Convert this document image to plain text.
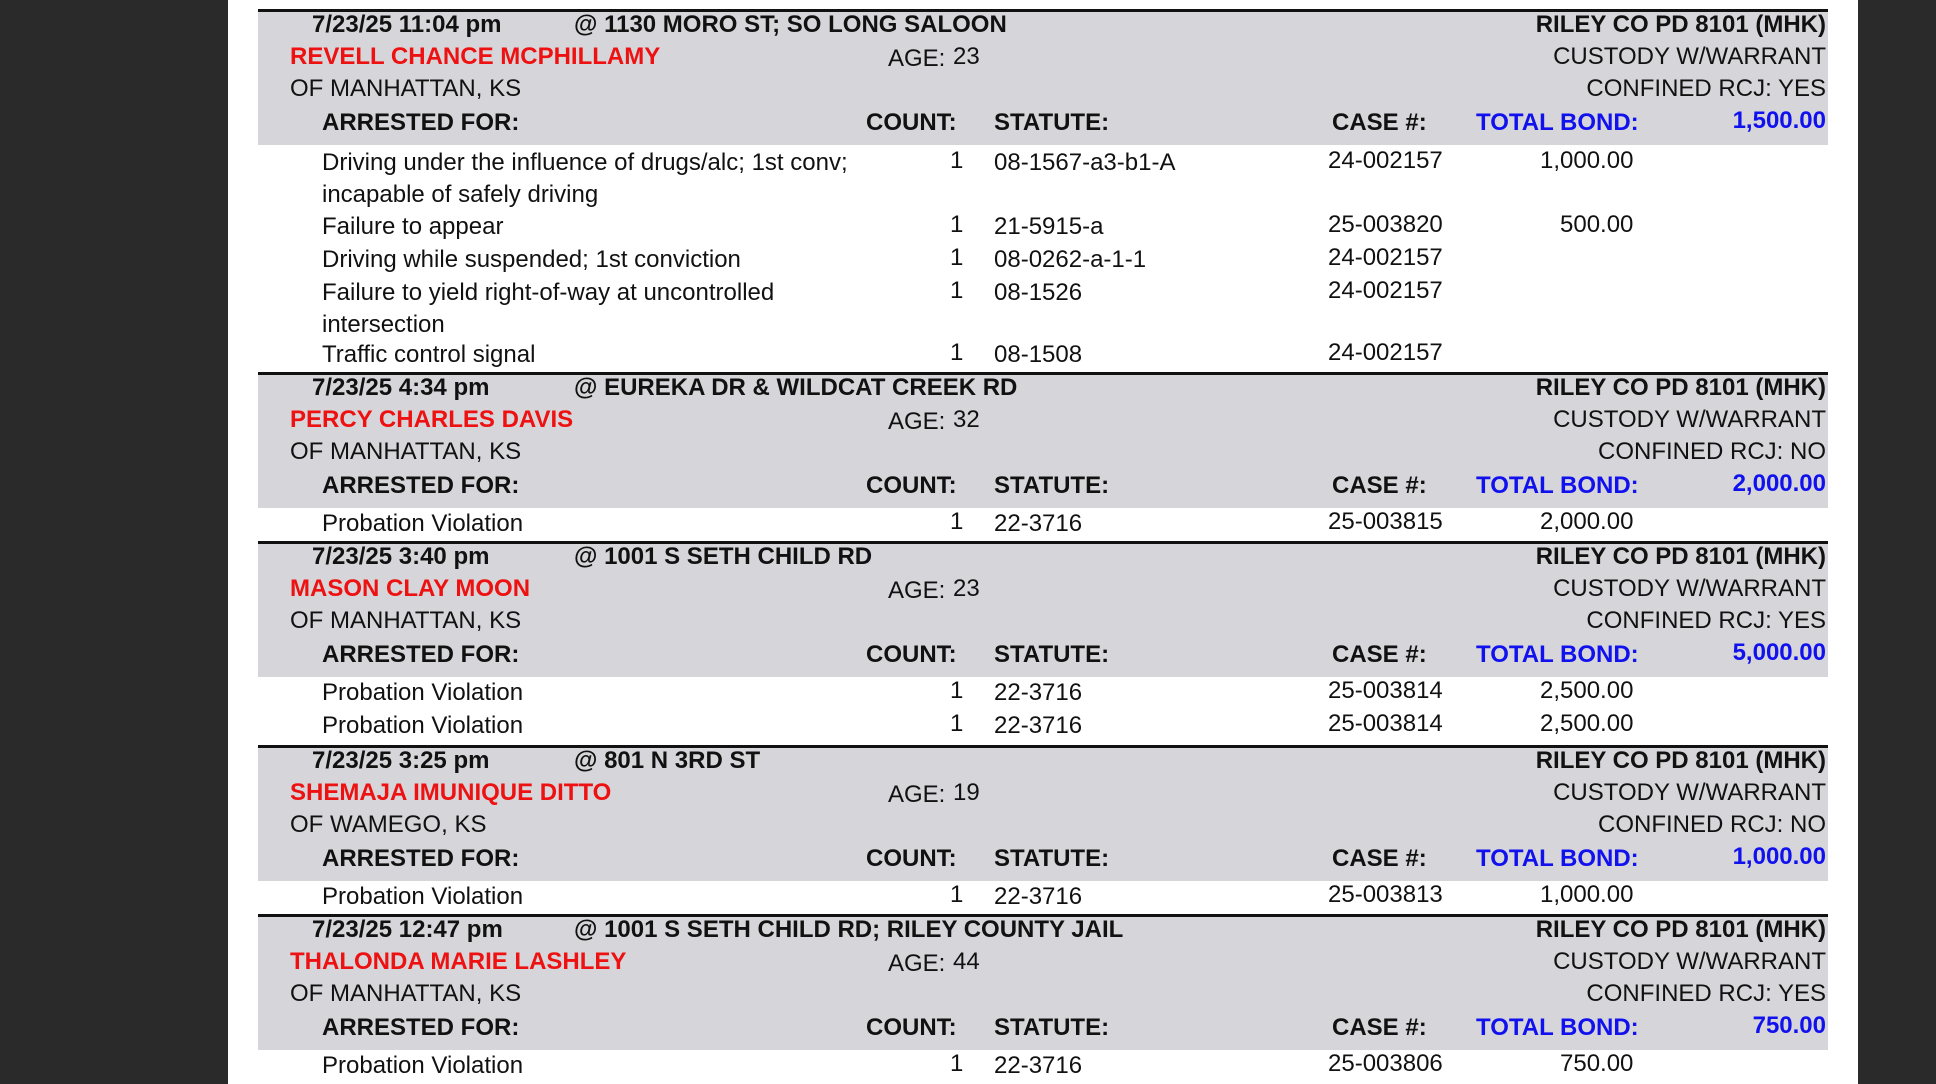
7/23/25 11:04 pm	@ 1130 MORO ST; SO LONG SALOON	RILEY CO PD 8101 (MHK)
REVELL CHANCE MCPHILLAMY	AGE: 23	CUSTODY W/WARRANT
OF MANHATTAN, KS	CONFINED RCJ: YES
ARRESTED FOR:	COUNT: STATUTE:	CASE #: TOTAL BOND:	1,500.00
Driving under the influence of drugs/alc; 1st conv; incapable of safely driving
1 08-1567-a3-b1-A	24-002157	1,000.00
Failure to appear	1 21-5915-a	25-003820	500.00
Driving while suspended; 1st conviction	1 08-0262-a-1-1	24-002157
Failure to yield right-of-way at uncontrolled intersection
1 08-1526	24-002157
Traffic control signal	1 08-1508	24-002157
7/23/25 4:34 pm	@ EUREKA DR & WILDCAT CREEK RD	RILEY CO PD 8101 (MHK)
PERCY CHARLES DAVIS	AGE: 32	CUSTODY W/WARRANT
OF MANHATTAN, KS	CONFINED RCJ: NO
ARRESTED FOR:	COUNT: STATUTE:	CASE #: TOTAL BOND:	2,000.00
Probation Violation	1 22-3716	25-003815	2,000.00
7/23/25 3:40 pm	@ 1001 S SETH CHILD RD	RILEY CO PD 8101 (MHK)
MASON CLAY MOON	AGE: 23	CUSTODY W/WARRANT
OF MANHATTAN, KS	CONFINED RCJ: YES
ARRESTED FOR:	COUNT: STATUTE:	CASE #: TOTAL BOND:	5,000.00
Probation Violation	1 22-3716	25-003814	2,500.00
Probation Violation	1 22-3716	25-003814	2,500.00
7/23/25 3:25 pm	@ 801 N 3RD ST	RILEY CO PD 8101 (MHK)
SHEMAJA IMUNIQUE DITTO	AGE: 19	CUSTODY W/WARRANT
OF WAMEGO, KS	CONFINED RCJ: NO
ARRESTED FOR:	COUNT: STATUTE:	CASE #: TOTAL BOND:	1,000.00
Probation Violation	1 22-3716	25-003813	1,000.00
7/23/25 12:47 pm	@ 1001 S SETH CHILD RD; RILEY COUNTY JAIL	RILEY CO PD 8101 (MHK)
THALONDA MARIE LASHLEY	AGE: 44	CUSTODY W/WARRANT
OF MANHATTAN, KS	CONFINED RCJ: YES
ARRESTED FOR:	COUNT: STATUTE:	CASE #: TOTAL BOND:	750.00
Probation Violation	1 22-3716	25-003806	750.00
